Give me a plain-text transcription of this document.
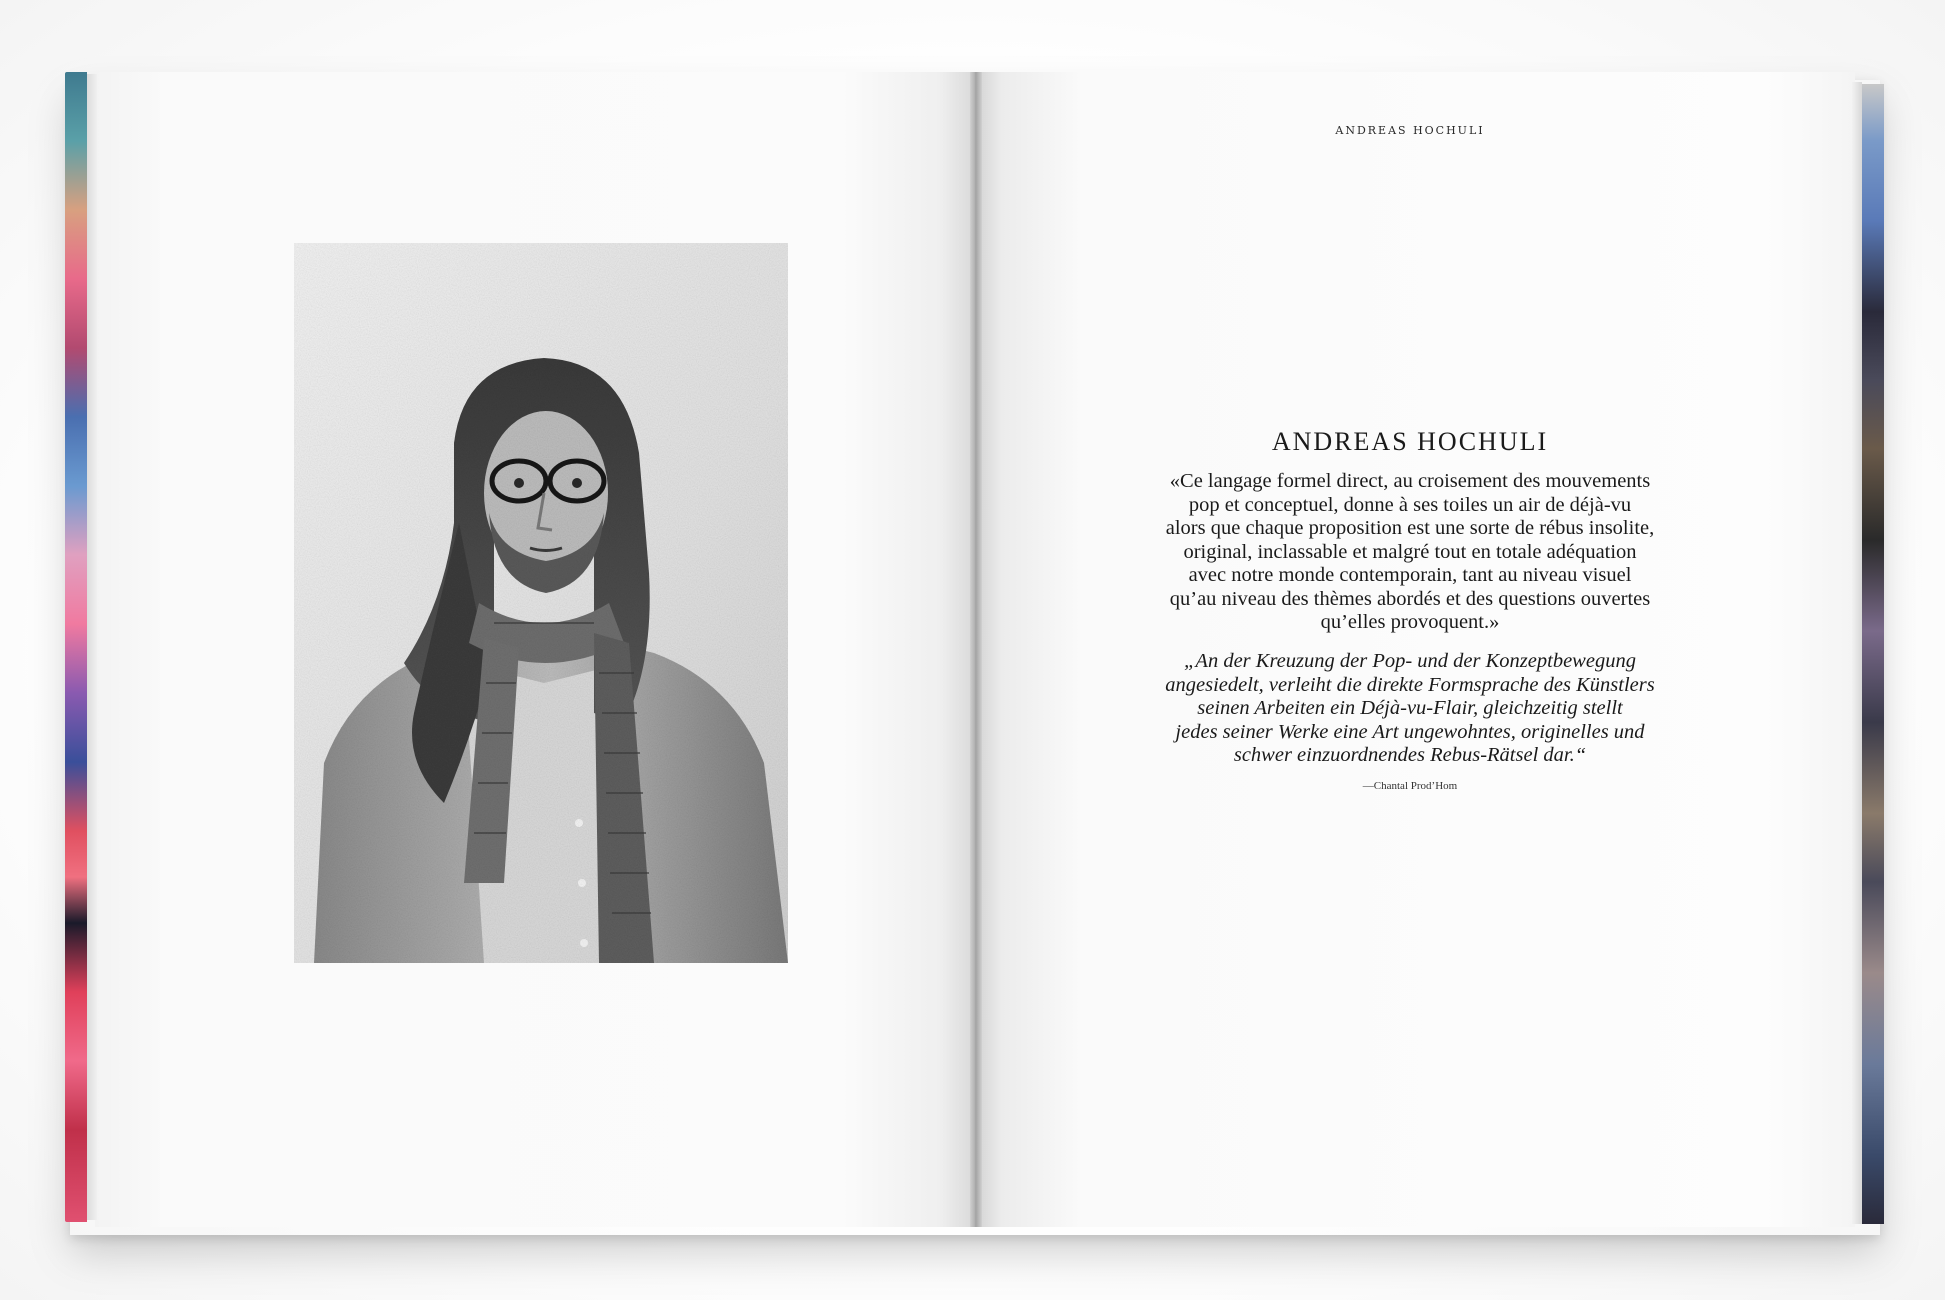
ANDREAS HOCHULI
ANDREAS HOCHULI
«Ce langage formel direct, au croisement des mouvements
pop et conceptuel, donne à ses toiles un air de déjà-vu
alors que chaque proposition est une sorte de rébus insolite,
original, inclassable et malgré tout en totale adéquation
avec notre monde contemporain, tant au niveau visuel
qu’au niveau des thèmes abordés et des questions ouvertes
qu’elles provoquent.»
„An der Kreuzung der Pop- und der Konzeptbewegung
angesiedelt, verleiht die direkte Formsprache des Künstlers
seinen Arbeiten ein Déjà-vu-Flair, gleichzeitig stellt
jedes seiner Werke eine Art ungewohntes, originelles und
schwer einzuordnendes Rebus-Rätsel dar.“
—Chantal Prod’Hom
